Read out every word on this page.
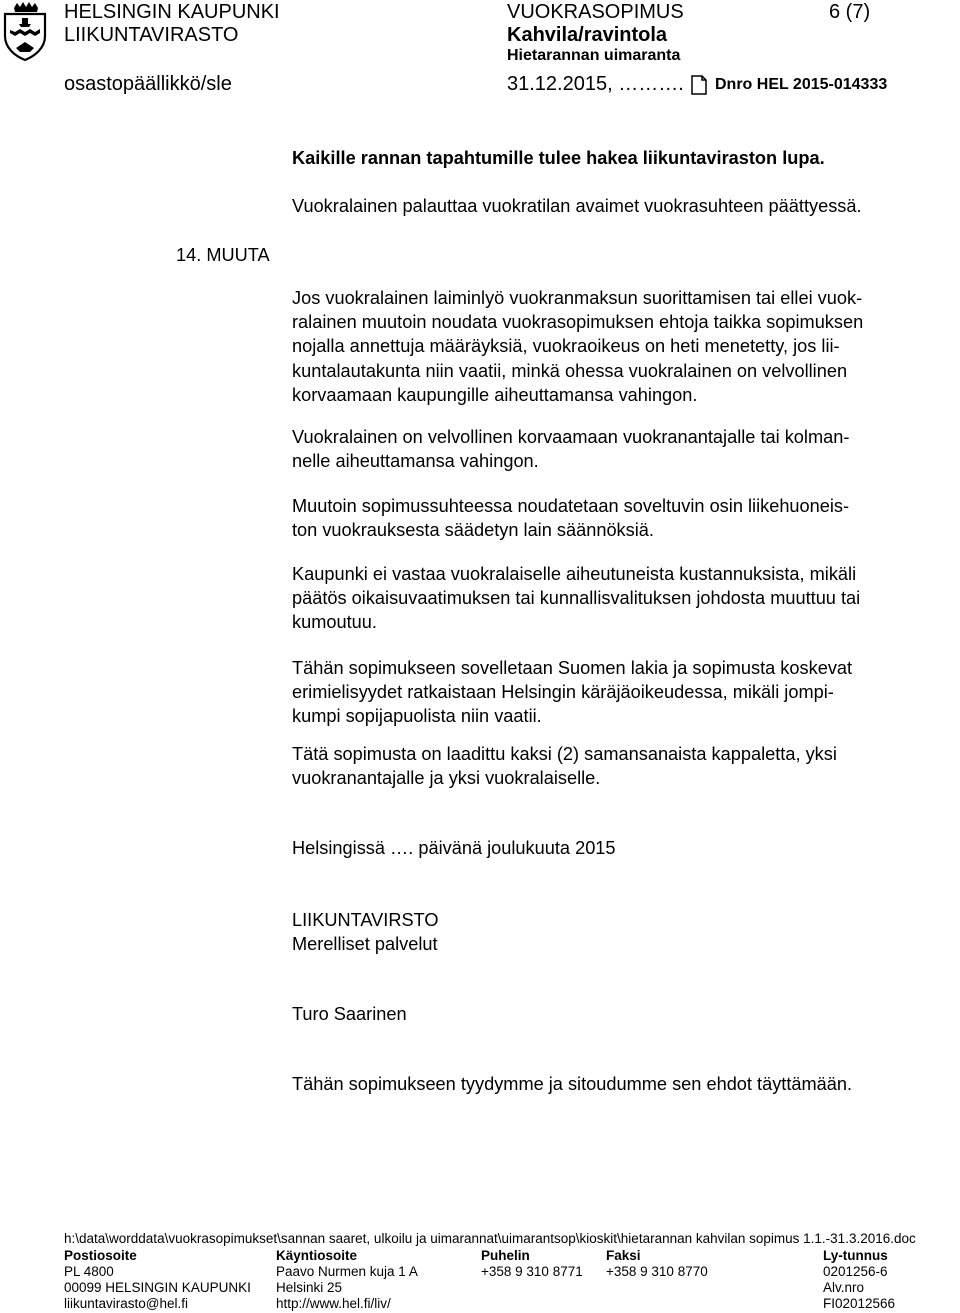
HELSINGIN KAUPUNKI
LIIKUNTAVIRASTO
VUOKRASOPIMUS
Kahvila/ravintola
Hietarannan uimaranta
6 (7)
osastopäällikkö/sle	31.12.2015, ………. Dnro HEL 2015-014333
Kaikille rannan tapahtumille tulee hakea liikuntaviraston lupa.
Vuokralainen palauttaa vuokratilan avaimet vuokrasuhteen päättyessä.
14. MUUTA
Jos vuokralainen laiminlyö vuokranmaksun suorittamisen tai ellei vuok-
ralainen muutoin noudata vuokrasopimuksen ehtoja taikka sopimuksen
nojalla annettuja määräyksiä, vuokraoikeus on heti menetetty, jos lii-
kuntalautakunta niin vaatii, minkä ohessa vuokralainen on velvollinen
korvaamaan kaupungille aiheuttamansa vahingon.
Vuokralainen on velvollinen korvaamaan vuokranantajalle tai kolman-
nelle aiheuttamansa vahingon.
Muutoin sopimussuhteessa noudatetaan soveltuvin osin liikehuoneis-
ton vuokrauksesta säädetyn lain säännöksiä.
Kaupunki ei vastaa vuokralaiselle aiheutuneista kustannuksista, mikäli
päätös oikaisuvaatimuksen tai kunnallisvalituksen johdosta muuttuu tai
kumoutuu.
Tähän sopimukseen sovelletaan Suomen lakia ja sopimusta koskevat
erimielisyydet ratkaistaan Helsingin käräjäoikeudessa, mikäli jompi-
kumpi sopijapuolista niin vaatii.
Tätä sopimusta on laadittu kaksi (2) samansanaista kappaletta, yksi
vuokranantajalle ja yksi vuokralaiselle.
Helsingissä …. päivänä joulukuuta 2015
LIIKUNTAVIRSTO
Merelliset palvelut
Turo Saarinen
Tähän sopimukseen tyydymme ja sitoudumme sen ehdot täyttämään.
h:\data\worddata\vuokrasopimukset\sannan saaret, ulkoilu ja uimarannat\uimarantsop\kioskit\hietarannan kahvilan sopimus 1.1.-31.3.2016.doc
Postiosoite
PL 4800
00099 HELSINGIN KAUPUNKI
liikuntavirasto@hel.fi
Käyntiosoite
Paavo Nurmen kuja 1 A
Helsinki 25
http://www.hel.fi/liv/
Puhelin
+358 9 310 8771
Faksi
+358 9 310 8770
Ly-tunnus
0201256-6
Alv.nro
FI02012566
